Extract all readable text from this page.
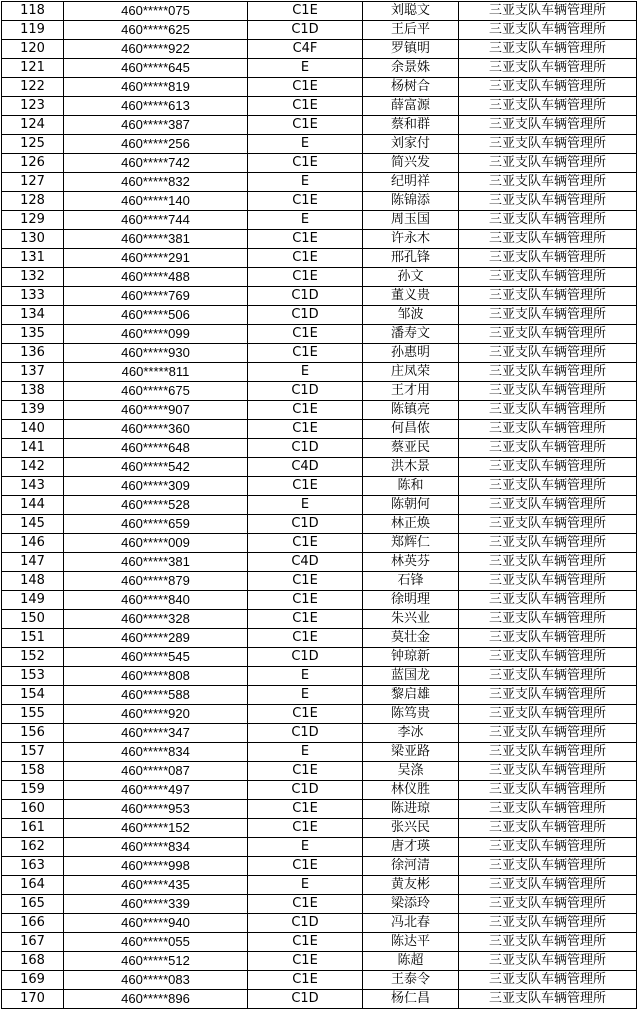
118	460*****075	C1E	刘聪文	三亚支队车辆管理所
119	460*****625	C1D	王后平	三亚支队车辆管理所
120	460*****922	C4F	罗镇明	三亚支队车辆管理所
121	460*****645	E	余景姝	三亚支队车辆管理所
122	460*****819	C1E	杨树合	三亚支队车辆管理所
123	460*****613	C1E	薛富源	三亚支队车辆管理所
124	460*****387	C1E	蔡和群	三亚支队车辆管理所
125	460*****256	E	刘家付	三亚支队车辆管理所
126	460*****742	C1E	简兴发	三亚支队车辆管理所
127	460*****832	E	纪明祥	三亚支队车辆管理所
128	460*****140	C1E	陈锦添	三亚支队车辆管理所
129	460*****744	E	周玉国	三亚支队车辆管理所
130	460*****381	C1E	许永木	三亚支队车辆管理所
131	460*****291	C1E	邢孔锋	三亚支队车辆管理所
132	460*****488	C1E	孙文	三亚支队车辆管理所
133	460*****769	C1D	董义贵	三亚支队车辆管理所
134	460*****506	C1D	邹波	三亚支队车辆管理所
135	460*****099	C1E	潘寿文	三亚支队车辆管理所
136	460*****930	C1E	孙惠明	三亚支队车辆管理所
137	460*****811	E	庄凤荣	三亚支队车辆管理所
138	460*****675	C1D	王才用	三亚支队车辆管理所
139	460*****907	C1E	陈镇亮	三亚支队车辆管理所
140	460*****360	C1E	何昌侬	三亚支队车辆管理所
141	460*****648	C1D	蔡亚民	三亚支队车辆管理所
142	460*****542	C4D	洪木景	三亚支队车辆管理所
143	460*****309	C1E	陈和	三亚支队车辆管理所
144	460*****528	E	陈朝何	三亚支队车辆管理所
145	460*****659	C1D	林正焕	三亚支队车辆管理所
146	460*****009	C1E	郑辉仁	三亚支队车辆管理所
147	460*****381	C4D	林英芬	三亚支队车辆管理所
148	460*****879	C1E	石锋	三亚支队车辆管理所
149	460*****840	C1E	徐明理	三亚支队车辆管理所
150	460*****328	C1E	朱兴业	三亚支队车辆管理所
151	460*****289	C1E	莫壮金	三亚支队车辆管理所
152	460*****545	C1D	钟琼新	三亚支队车辆管理所
153	460*****808	E	蓝国龙	三亚支队车辆管理所
154	460*****588	E	黎启雄	三亚支队车辆管理所
155	460*****920	C1E	陈笃贵	三亚支队车辆管理所
156	460*****347	C1D	李冰	三亚支队车辆管理所
157	460*****834	E	梁亚路	三亚支队车辆管理所
158	460*****087	C1E	吴涤	三亚支队车辆管理所
159	460*****497	C1D	林仪胜	三亚支队车辆管理所
160	460*****953	C1E	陈进琼	三亚支队车辆管理所
161	460*****152	C1E	张兴民	三亚支队车辆管理所
162	460*****834	E	唐才瑛	三亚支队车辆管理所
163	460*****998	C1E	徐河清	三亚支队车辆管理所
164	460*****435	E	黄友彬	三亚支队车辆管理所
165	460*****339	C1E	梁添玲	三亚支队车辆管理所
166	460*****940	C1D	冯北春	三亚支队车辆管理所
167	460*****055	C1E	陈达平	三亚支队车辆管理所
168	460*****512	C1E	陈超	三亚支队车辆管理所
169	460*****083	C1E	王泰令	三亚支队车辆管理所
170	460*****896	C1D	杨仁昌	三亚支队车辆管理所
